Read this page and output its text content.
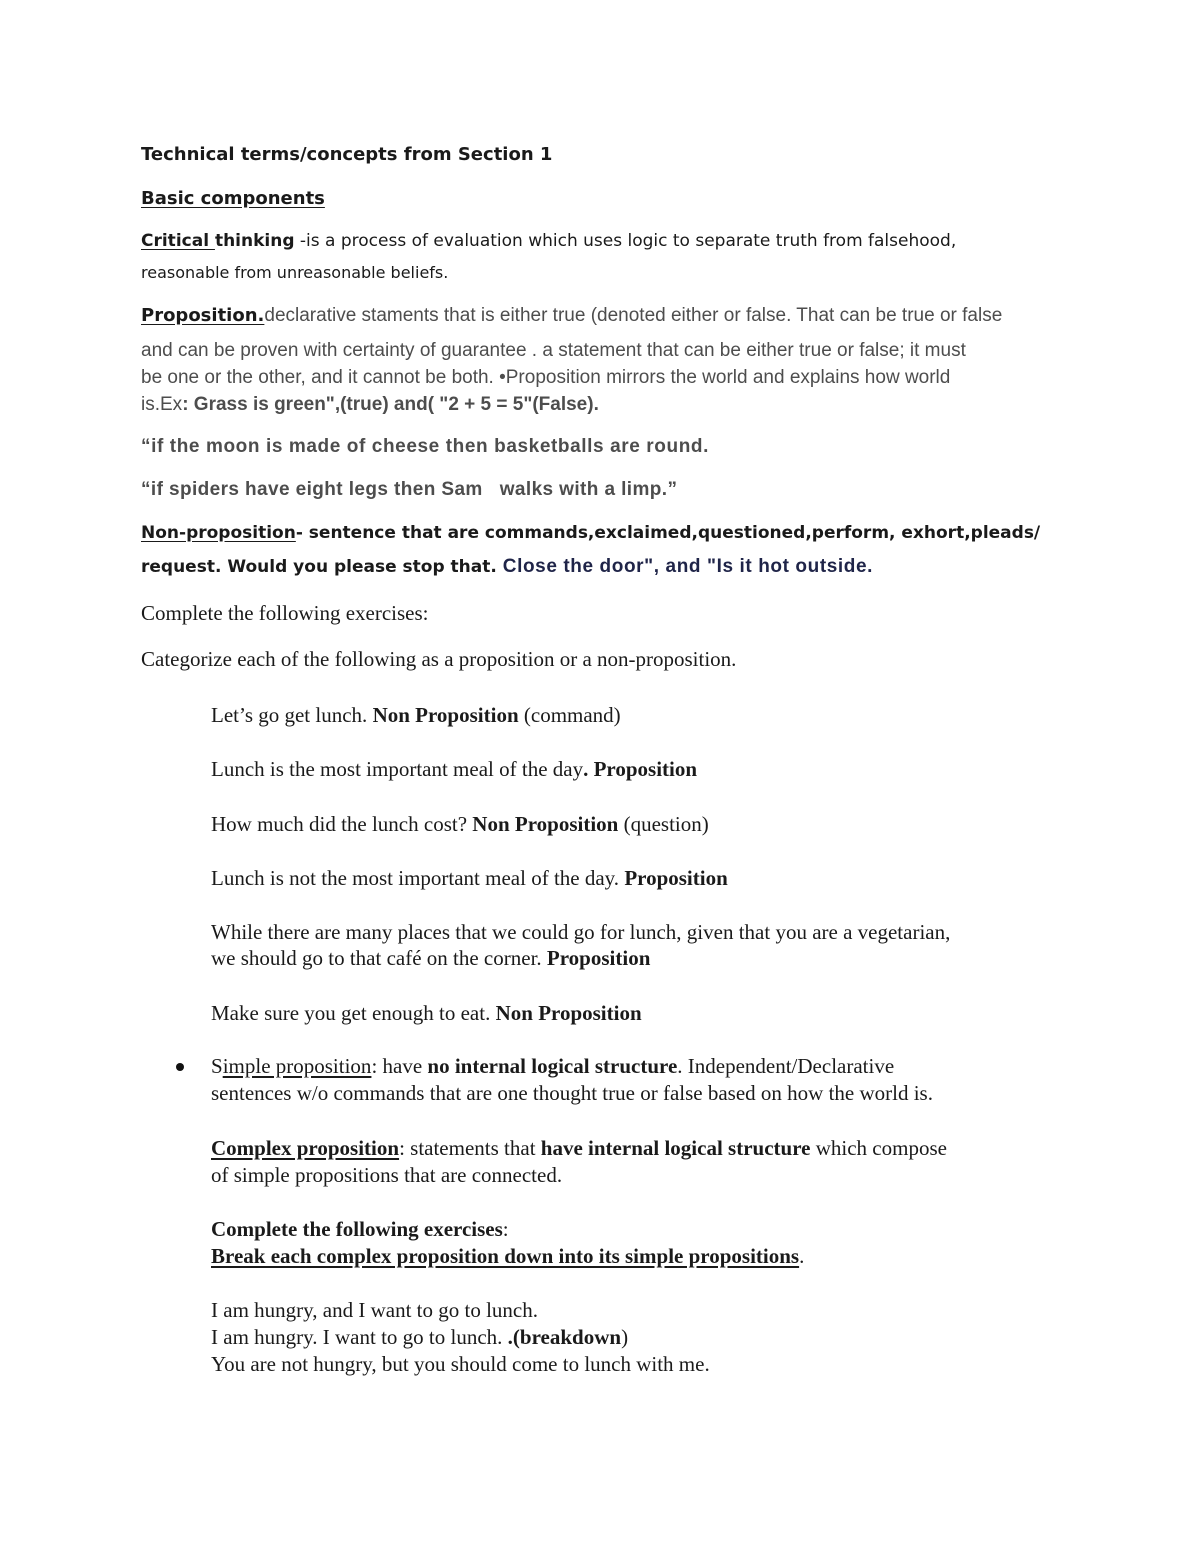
Technical terms/concepts from Section 1

Basic components

Critical thinking -is a process of evaluation which uses logic to separate truth from falsehood,

reasonable from unreasonable beliefs.

Proposition.declarative staments that is either true (denoted either or false. That can be true or false

and can be proven with certainty of guarantee . a statement that can be either true or false; it must

be one or the other, and it cannot be both. •Proposition mirrors the world and explains how world

is.Ex: Grass is green",(true) and( "2 + 5 = 5"(False).

“if the moon is made of cheese then basketballs are round.

“if spiders have eight legs then Sam   walks with a limp.”

Non-proposition- sentence that are commands,exclaimed,questioned,perform, exhort,pleads/

request. Would you please stop that. Close the door", and "Is it hot outside.

Complete the following exercises:

Categorize each of the following as a proposition or a non-proposition.

Let’s go get lunch. Non Proposition (command)

Lunch is the most important meal of the day. Proposition

How much did the lunch cost? Non Proposition (question)

Lunch is not the most important meal of the day. Proposition

While there are many places that we could go for lunch, given that you are a vegetarian,

we should go to that café on the corner. Proposition

Make sure you get enough to eat. Non Proposition

Simple proposition: have no internal logical structure. Independent/Declarative

sentences w/o commands that are one thought true or false based on how the world is.

Complex proposition: statements that have internal logical structure which compose

of simple propositions that are connected.

Complete the following exercises:

Break each complex proposition down into its simple propositions.

I am hungry, and I want to go to lunch.

I am hungry. I want to go to lunch. .(breakdown)

You are not hungry, but you should come to lunch with me.
